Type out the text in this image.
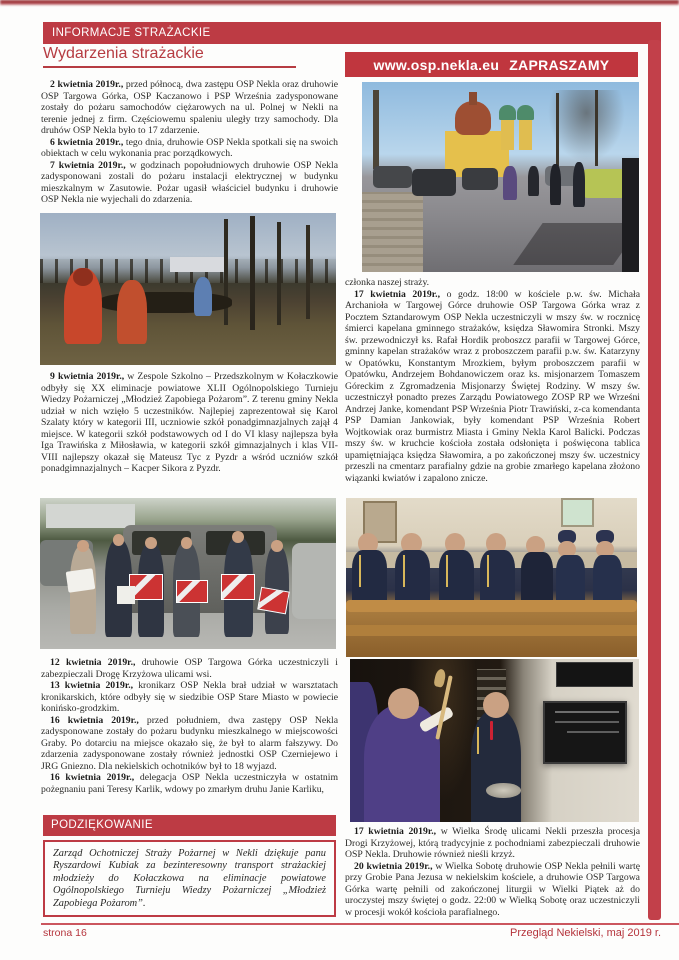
INFORMACJE STRAŻACKIE
Wydarzenia strażackie

2 kwietnia 2019r., przed północą, dwa zastępu OSP Nekla oraz druhowie OSP Targowa Górka, OSP Kaczanowo i PSP Września zadysponowane zostały do pożaru samochodów ciężarowych na ul. Polnej w Nekli na terenie jednej z firm. Częściowemu spaleniu uległy trzy samochody. Dla druhów OSP Nekla było to 17 zdarzenie.

6 kwietnia 2019r., tego dnia, druhowie OSP Nekla spotkali się na swoich obiektach w celu wykonania prac porządkowych.

7 kwietnia 2019r., w godzinach popołudniowych druhowie OSP Nekla zadysponowani zostali do pożaru instalacji elektrycznej w budynku mieszkalnym w Zasutowie. Pożar ugasił właściciel budynku i druhowie OSP Nekla nie wyjechali do zdarzenia.

9 kwietnia 2019r., w Zespole Szkolno – Przedszkolnym w Kołaczkowie odbyły się XX eliminacje powiatowe XLII Ogólnopolskiego Turnieju Wiedzy Pożarniczej „Młodzież Zapobiega Pożarom”. Z terenu gminy Nekla udział w nich wzięło 5 uczestników. Najlepiej zaprezentował się Karol Szalaty który w kategorii III, uczniowie szkół ponadgimnazjalnych zajął 4 miejsce. W kategorii szkół podstawowych od I do VI klasy najlepsza była Iga Trawińska z Miłosławia, w kategorii szkół gimnazjalnych i klas VII-VIII najlepszy okazał się Mateusz Tyc z Pyzdr a wśród uczniów szkół ponadgimnazjalnych – Kacper Sikora z Pyzdr.

12 kwietnia 2019r., druhowie OSP Targowa Górka uczestniczyli i zabezpieczali Drogę Krzyżowa ulicami wsi.

13 kwietnia 2019r., kronikarz OSP Nekla brał udział w warsztatach kronikarskich, które odbyły się w siedzibie OSP Stare Miasto w powiecie konińsko-grodzkim.

16 kwietnia 2019r., przed południem, dwa zastępy OSP Nekla zadysponowane zostały do pożaru budynku mieszkalnego w miejscowości Graby. Po dotarciu na miejsce okazało się, że był to alarm fałszywy. Do zdarzenia zadysponowane zostały również jednostki OSP Czerniejewo i JRG Gniezno. Dla nekielskich ochotników był to 18 wyjazd.

16 kwietnia 2019r., delegacja OSP Nekla uczestniczyła w ostatnim pożegnaniu pani Teresy Karlik, wdowy po zmarłym druhu Janie Karliku,

PODZIĘKOWANIE
Zarząd Ochotniczej Straży Pożarnej w Nekli dziękuje panu Ryszardowi Kubiak za bezinteresowny transport strażackiej młodzieży do Kołaczkowa na eliminacje powiatowe Ogólnopolskiego Turnieju Wiedzy Pożarniczej „Młodzież Zapobiega Pożarom”.
www.osp.nekla.eu ZAPRASZAMY

członka naszej straży.

17 kwietnia 2019r., o godz. 18:00 w kościele p.w. św. Michała Archanioła w Targowej Górce druhowie OSP Targowa Górka wraz z Pocztem Sztandarowym OSP Nekla uczestniczyli w mszy św. w rocznicę śmierci kapelana gminnego strażaków, księdza Sławomira Stronki. Mszy św. przewodniczył ks. Rafał Hordik proboszcz parafii w Targowej Górce, gminny kapelan strażaków wraz z proboszczem parafii p.w. św. Katarzyny w Opatówku, Konstantym Mrozkiem, byłym proboszczem parafii w Opatówku, Andrzejem Bohdanowiczem oraz ks. misjonarzem Tomaszem Góreckim z Zgromadzenia Misjonarzy Świętej Rodziny. W mszy św. uczestniczył ponadto prezes Zarządu Powiatowego ZOSP RP we Wrześni Andrzej Janke, komendant PSP Września Piotr Trawiński, z-ca komendanta PSP Damian Jankowiak, były komendant PSP Września Robert Wojtkowiak oraz burmistrz Miasta i Gminy Nekla Karol Balicki. Podczas mszy św. w kruchcie kościoła została odsłonięta i poświęcona tablica upamiętniająca księdza Sławomira, a po zakończonej mszy św. uczestnicy przeszli na cmentarz parafialny gdzie na grobie zmarłego kapelana złożono wiązanki kwiatów i zapalono znicze.

17 kwietnia 2019r., w Wielka Środę ulicami Nekli przeszła procesja Drogi Krzyżowej, którą tradycyjnie z pochodniami zabezpieczali druhowie OSP Nekla. Druhowie również nieśli krzyż.

20 kwietnia 2019r., w Wielka Sobotę druhowie OSP Nekla pełnili wartę przy Grobie Pana Jezusa w nekielskim kościele, a druhowie OSP Targowa Górka wartę pełnili od zakończonej liturgii w Wielki Piątek aż do uroczystej mszy świętej o godz. 22:00 w Wielką Sobotę oraz uczestniczyli w procesji wokół kościoła parafialnego.

strona 16	Przegląd Nekielski, maj 2019 r.
